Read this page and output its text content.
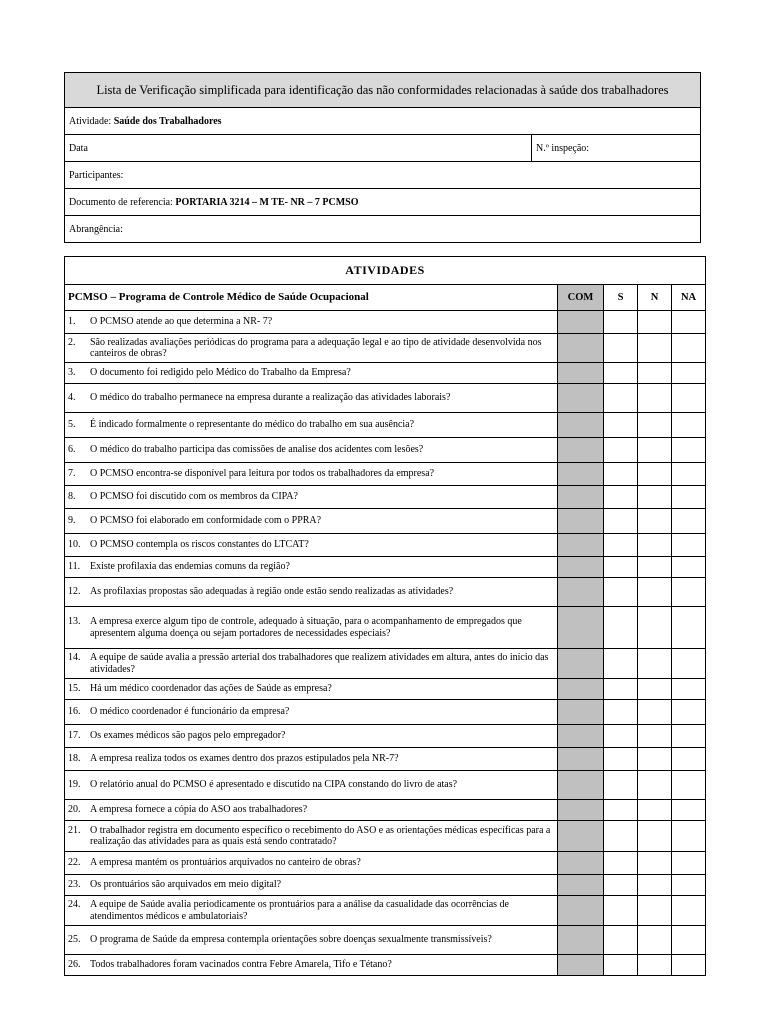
Lista de Verificação simplificada para identificação das não conformidades relacionadas à saúde dos trabalhadores
Atividade: Saúde dos Trabalhadores
Data	N.º inspeção:
Participantes:
Documento de referencia: PORTARIA 3214 – M TE- NR – 7 PCMSO
Abrangência:
ATIVIDADES				
PCMSO – Programa de Controle Médico de Saúde Ocupacional	COM	S	N	NA

1. O PCMSO atende ao que determina a NR- 7?				

2. São realizadas avaliações periódicas do programa para a adequação legal e ao tipo de atividade desenvolvida nos canteiros de obras?				

3. O documento foi redigido pelo Médico do Trabalho da Empresa?				

4. O médico do trabalho permanece na empresa durante a realização das atividades laborais?				

5. É indicado formalmente o representante do médico do trabalho em sua ausência?				

6. O médico do trabalho participa das comissões de analise dos acidentes com lesões?				

7. O PCMSO encontra-se disponível para leitura por todos os trabalhadores da empresa?				

8. O PCMSO foi discutido com os membros da CIPA?				

9. O PCMSO foi elaborado em conformidade com o PPRA?				

10. O PCMSO contempla os riscos constantes do LTCAT?				

11. Existe profilaxia das endemias comuns da região?				

12. As profilaxias propostas são adequadas à região onde estão sendo realizadas as atividades?				

13. A empresa exerce algum tipo de controle, adequado à situação, para o acompanhamento de empregados que apresentem alguma doença ou sejam portadores de necessidades especiais?				

14. A equipe de saúde avalia a pressão arterial dos trabalhadores que realizem atividades em altura, antes do início das atividades?				

15. Há um médico coordenador das ações de Saúde as empresa?				

16. O médico coordenador é funcionário da empresa?				

17. Os exames médicos são pagos pelo empregador?				

18. A empresa realiza todos os exames dentro dos prazos estipulados pela NR-7?				

19. O relatório anual do PCMSO é apresentado e discutido na CIPA constando do livro de atas?				

20. A empresa fornece a cópia do ASO aos trabalhadores?				

21. O trabalhador registra em documento específico o recebimento do ASO e as orientações médicas específicas para a realização das atividades para as quais está sendo contratado?				

22. A empresa mantém os prontuários arquivados no canteiro de obras?				

23. Os prontuários são arquivados em meio digital?				

24. A equipe de Saúde avalia periodicamente os prontuários para a análise da casualidade das ocorrências de atendimentos médicos e ambulatoriais?				

25. O programa de Saúde da empresa contempla orientações sobre doenças sexualmente transmissíveis?				

26. Todos trabalhadores foram vacinados contra Febre Amarela, Tifo e Tétano?				
